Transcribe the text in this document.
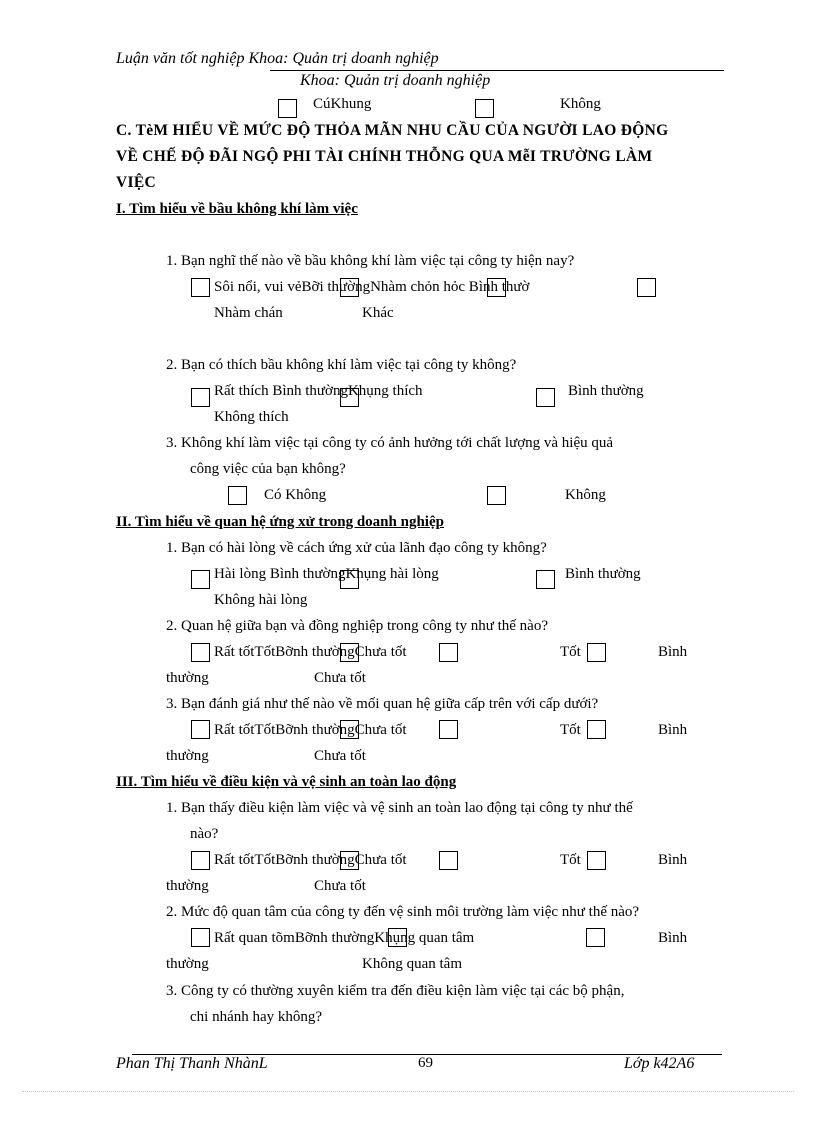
Luận văn tốt nghiệp Khoa: Quản trị doanh nghiệp
Khoa: Quản trị doanh nghiệp
CúKhung	Không
C. TèM HIỂU VỀ MỨC ĐỘ THỎA MÃN NHU CẦU CỦA NGƯỜI LAO ĐỘNG
VỀ CHẾ ĐỘ ĐÃI NGỘ PHI TÀI CHÍNH THỖNG QUA MễI TRƯỜNG LÀM
VIỆC
I. Tìm hiểu về bầu không khí làm việc
1. Bạn nghĩ thế nào về bầu không khí làm việc tại công ty hiện nay?
Sôi nổi, vui vẻBỡi thườngNhàm chỏn hỏc Bình thườ
Nhàm chán	Khác
2. Bạn có thích bầu không khí làm việc tại công ty không?
Rất thích Bình thườngKhụng thích	Bình thường
Không thích
3. Không khí làm việc tại công ty có ảnh hưởng tới chất lượng và hiệu quả
công việc của bạn không?
Có Không	Không
II. Tìm hiểu về quan hệ ứng xử trong doanh nghiệp
1. Bạn có hài lòng về cách ứng xử của lãnh đạo công ty không?
Hài lòng Bình thườngKhụng hài lòng	Bình thường
Không hài lòng
2. Quan hệ giữa bạn và đồng nghiệp trong công ty như thế nào?
Rất tốtTốtBỡnh thườngChưa tốt	Tốt	Bình
thường	Chưa tốt
3. Bạn đánh giá như thế nào về mối quan hệ giữa cấp trên với cấp dưới?
Rất tốtTốtBỡnh thườngChưa tốt	Tốt	Bình
thường	Chưa tốt
III. Tìm hiểu về điều kiện và vệ sinh an toàn lao động
1. Bạn thấy điều kiện làm việc và vệ sinh an toàn lao động tại công ty như thế
nào?
Rất tốtTốtBỡnh thườngChưa tốt	Tốt	Bình
thường	Chưa tốt
2. Mức độ quan tâm của công ty đến vệ sinh môi trường làm việc như thế nào?
Rất quan tõmBỡnh thườngKhụng quan tâm	Bình
thường	Không quan tâm
3. Công ty có thường xuyên kiểm tra đến điều kiện làm việc tại các bộ phận,
chi nhánh hay không?
Phan Thị Thanh NhànL	69	Lớp k42A6
